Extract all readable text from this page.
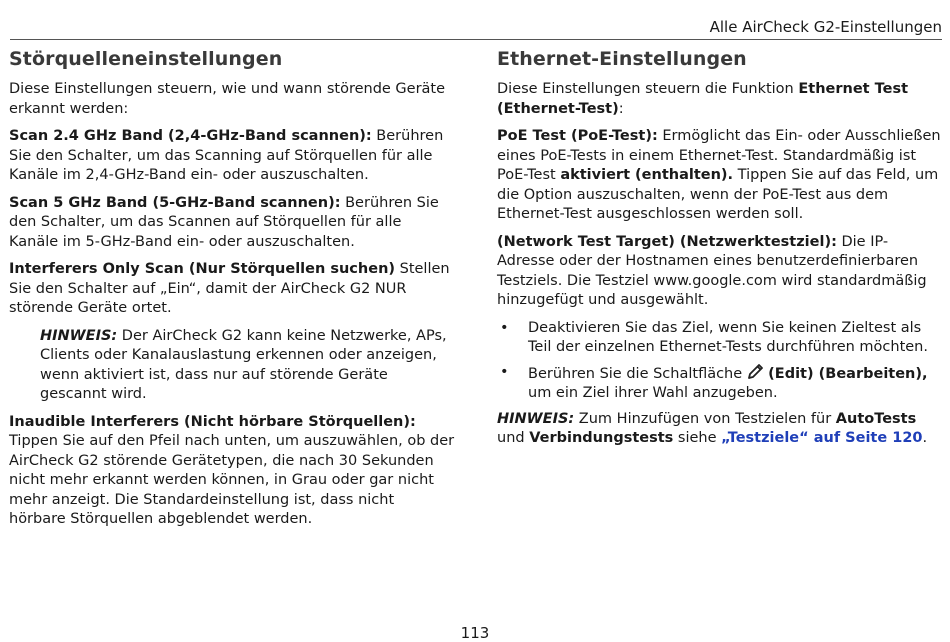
Alle AirCheck G2-Einstellungen
Störquelleneinstellungen

Diese Einstellungen steuern, wie und wann störende Geräte erkannt werden:

Scan 2.4 GHz Band (2,4-GHz-Band scannen): Berühren Sie den Schalter, um das Scanning auf Störquellen für alle Kanäle im 2,4-GHz-Band ein- oder auszuschalten.

Scan 5 GHz Band (5-GHz-Band scannen): Berühren Sie den Schalter, um das Scannen auf Störquellen für alle Kanäle im 5-GHz-Band ein- oder auszuschalten.

Interferers Only Scan (Nur Störquellen suchen) Stellen Sie den Schalter auf „Ein“, damit der AirCheck G2 NUR störende Geräte ortet.

HINWEIS: Der AirCheck G2 kann keine Netzwerke, APs, Clients oder Kanalauslastung erkennen oder anzeigen, wenn aktiviert ist, dass nur auf störende Geräte gescannt wird.

Inaudible Interferers (Nicht hörbare Störquellen): Tippen Sie auf den Pfeil nach unten, um auszuwählen, ob der AirCheck G2 störende Gerätetypen, die nach 30 Sekunden nicht mehr erkannt werden können, in Grau oder gar nicht mehr anzeigt. Die Standardeinstellung ist, dass nicht hörbare Störquellen abgeblendet werden.

Ethernet-Einstellungen

Diese Einstellungen steuern die Funktion Ethernet Test (Ethernet-Test):

PoE Test (PoE-Test): Ermöglicht das Ein- oder Ausschließen eines PoE-Tests in einem Ethernet-Test. Standardmäßig ist PoE-Test aktiviert (enthalten). Tippen Sie auf das Feld, um die Option auszuschalten, wenn der PoE-Test aus dem Ethernet-Test ausgeschlossen werden soll.

(Network Test Target) (Netzwerktestziel): Die IP-Adresse oder der Hostnamen eines benutzerdefinierbaren Testziels. Die Testziel www.google.com wird standardmäßig hinzugefügt und ausgewählt.

• Deaktivieren Sie das Ziel, wenn Sie keinen Zieltest als Teil der einzelnen Ethernet-Tests durchführen möchten.
• Berühren Sie die Schaltfläche (Edit) (Bearbeiten), um ein Ziel ihrer Wahl anzugeben.

HINWEIS: Zum Hinzufügen von Testzielen für AutoTests und Verbindungstests siehe „Testziele“ auf Seite 120.

113
